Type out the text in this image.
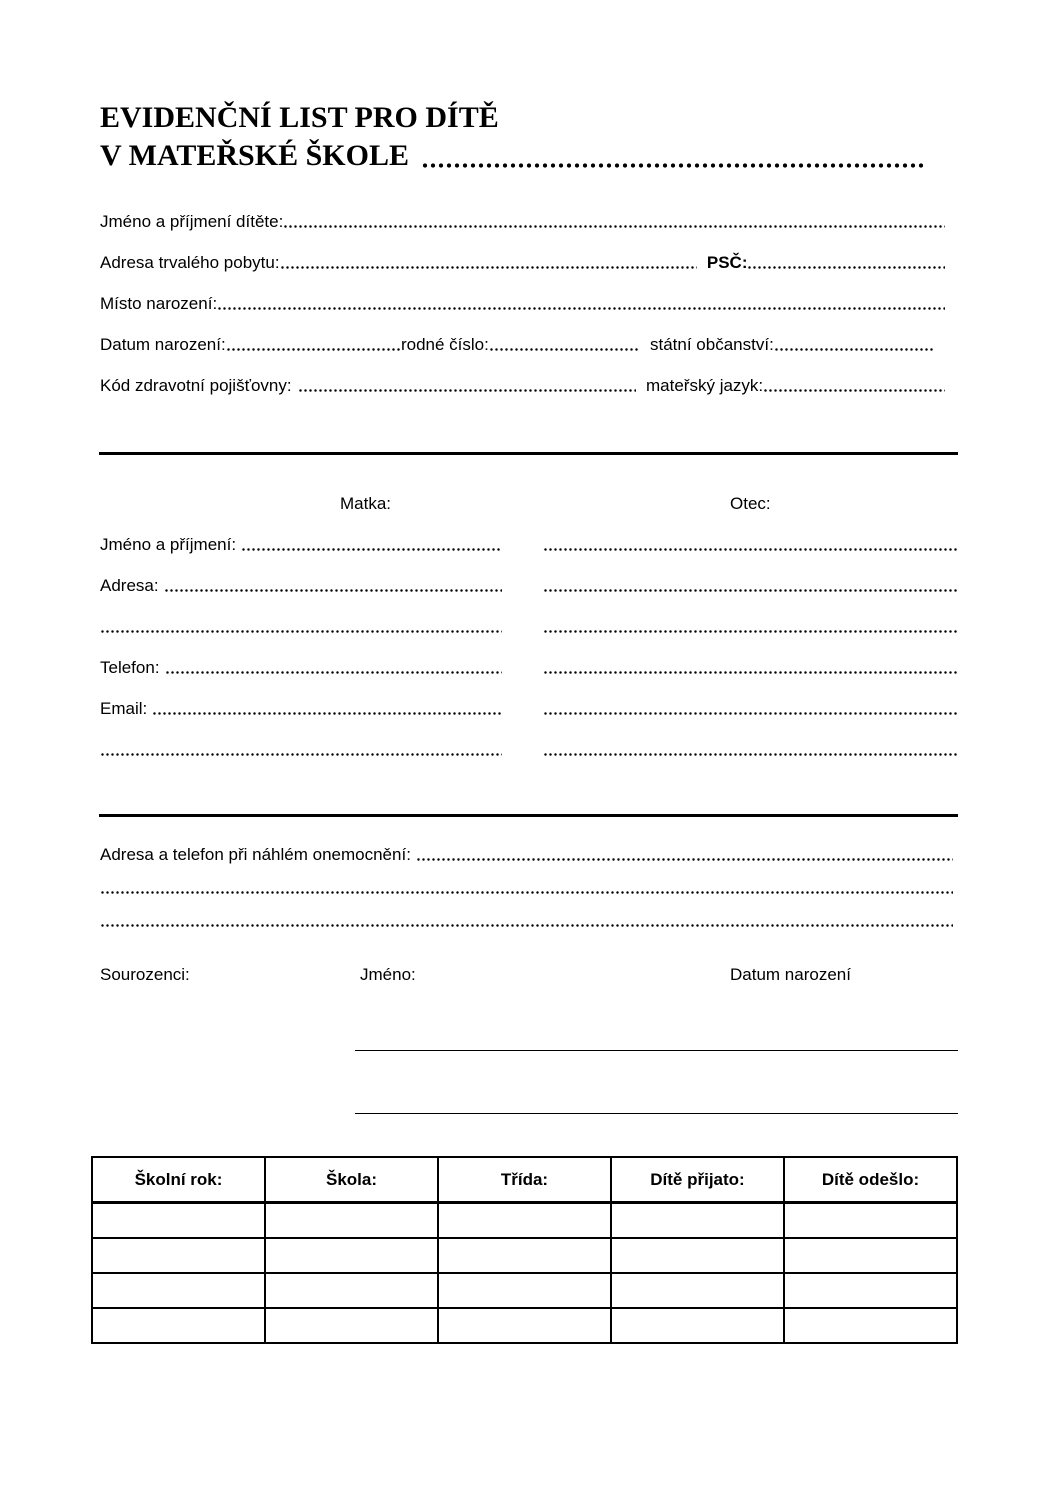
EVIDENČNÍ LIST PRO DÍTĚ
V MATEŘSKÉ ŠKOLE
Jméno a příjmení dítěte:
Adresa trvalého pobytu:	PSČ:
Místo narození:
Datum narození:	rodné číslo:	státní občanství:
Kód zdravotní pojišťovny:	mateřský jazyk:
Matka:	Otec:
Jméno a příjmení:
Adresa:
Telefon:
Email:
Adresa a telefon při náhlém onemocnění:
Sourozenci:	Jméno:	Datum narození
Školní rok:	Škola:	Třída:	Dítě přijato:	Dítě odešlo:
